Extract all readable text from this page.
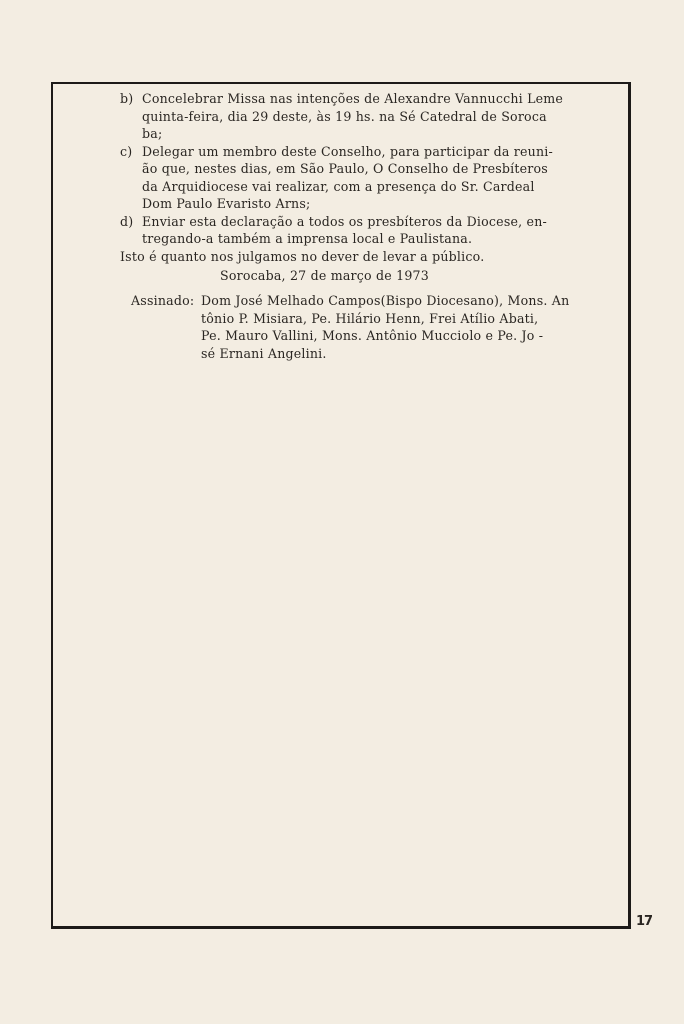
b) Concelebrar Missa nas intenções de Alexandre Vannucchi Leme
quinta-feira, dia 29 deste, às 19 hs. na Sé Catedral de Soroca
ba;
c) Delegar um membro deste Conselho, para participar da reuni-
ão que, nestes dias, em São Paulo, O Conselho de Presbíteros
da Arquidiocese vai realizar, com a presença do Sr. Cardeal
Dom Paulo Evaristo Arns;
d) Enviar esta declaração a todos os presbíteros da Diocese, en-
tregando-a também a imprensa local e Paulistana.
Isto é quanto nos julgamos no dever de levar a público.
Sorocaba, 27 de março de 1973
Assinado: Dom José Melhado Campos(Bispo Diocesano), Mons. An
tônio P. Misiara, Pe. Hilário Henn, Frei Atílio Abati,
Pe. Mauro Vallini, Mons. Antônio Mucciolo e Pe. Jo -
sé Ernani Angelini.
17
